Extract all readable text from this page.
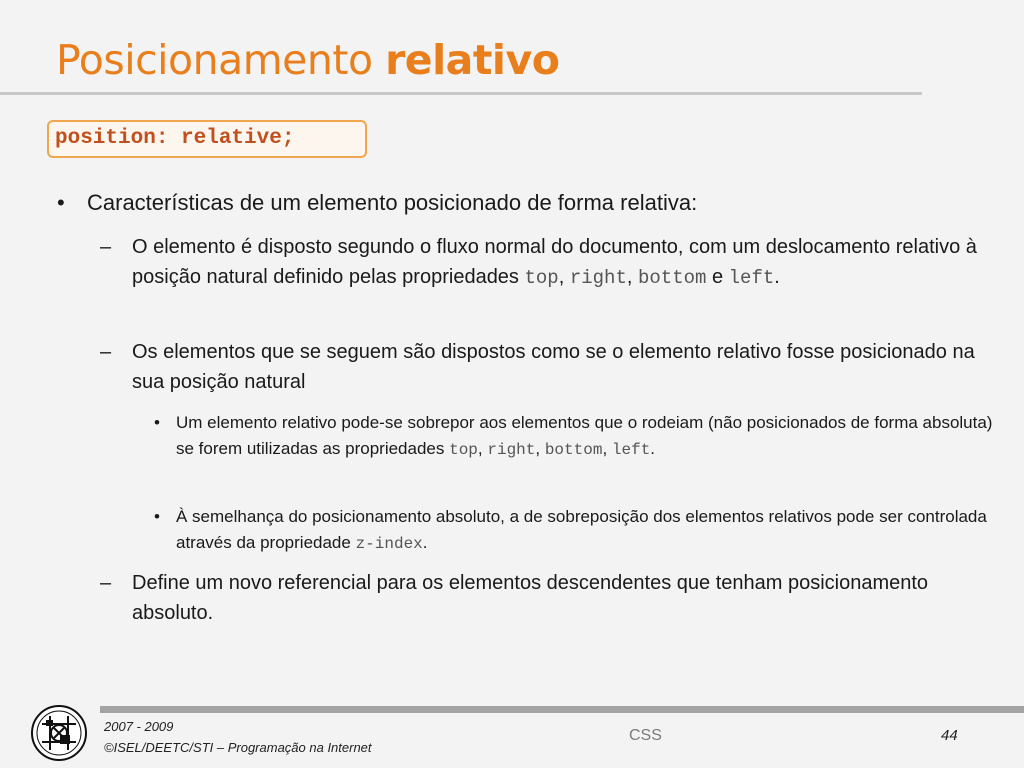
Posicionamento relativo
position: relative;
• Características de um elemento posicionado de forma relativa:
– O elemento é disposto segundo o fluxo normal do documento, com um deslocamento relativo à posição natural definido pelas propriedades top, right, bottom e left.
– Os elementos que se seguem são dispostos como se o elemento relativo fosse posicionado na sua posição natural
• Um elemento relativo pode-se sobrepor aos elementos que o rodeiam (não posicionados de forma absoluta) se forem utilizadas as propriedades top, right, bottom, left.
• À semelhança do posicionamento absoluto, a de sobreposição dos elementos relativos pode ser controlada através da propriedade z-index.
– Define um novo referencial para os elementos descendentes que tenham posicionamento absoluto.
2007 - 2009
©ISEL/DEETC/STI – Programação na Internet
CSS	44
